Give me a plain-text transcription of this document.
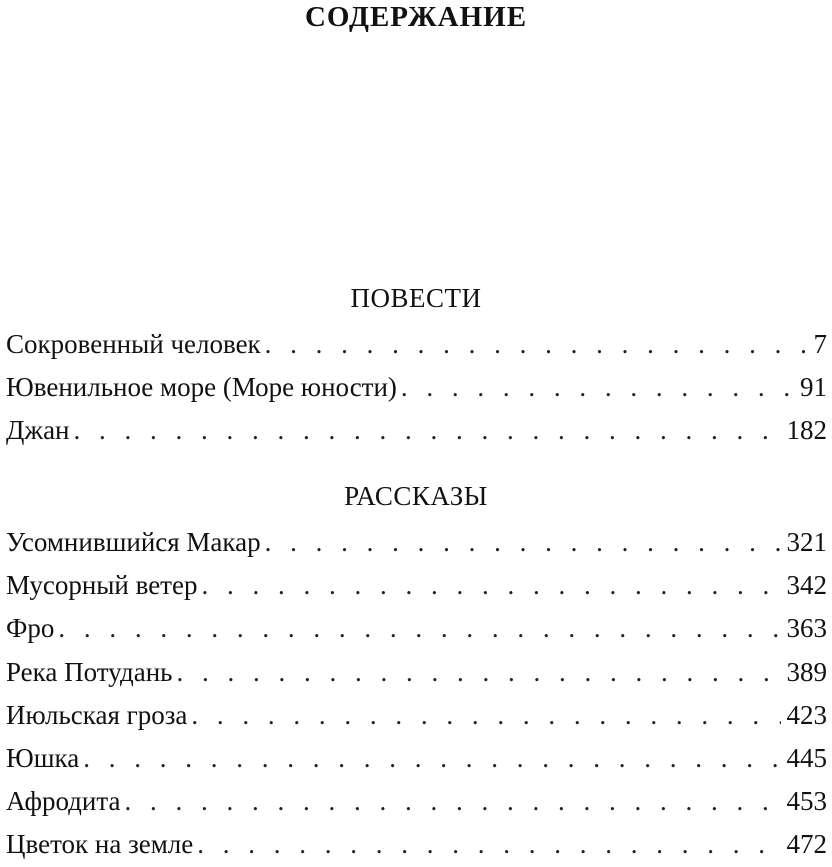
СОДЕРЖАНИЕ
ПОВЕСТИ
Сокровенный человек . . .	7
Ювенильное море (Море юности) . . .	91
Джан . . .	182
РАССКАЗЫ
Усомнившийся Макар . . .	321
Мусорный ветер . . .	342
Фро . . .	363
Река Потудань . . .	389
Июльская гроза . . .	423
Юшка . . .	445
Афродита . . .	453
Цветок на земле . . .	472
